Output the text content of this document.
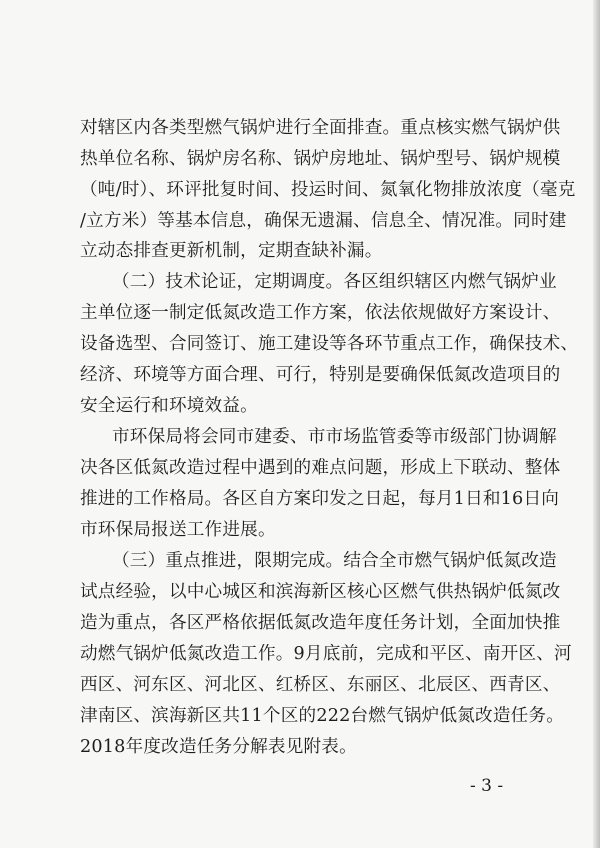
对辖区内各类型燃气锅炉进行全面排查。重点核实燃气锅炉供
热单位名称、锅炉房名称、锅炉房地址、锅炉型号、锅炉规模
（吨/时）、环评批复时间、投运时间、氮氧化物排放浓度（毫克
/立方米）等基本信息，确保无遗漏、信息全、情况准。同时建
立动态排查更新机制，定期查缺补漏。
（二）技术论证，定期调度。各区组织辖区内燃气锅炉业
主单位逐一制定低氮改造工作方案，依法依规做好方案设计、
设备选型、合同签订、施工建设等各环节重点工作，确保技术、
经济、环境等方面合理、可行，特别是要确保低氮改造项目的
安全运行和环境效益。
市环保局将会同市建委、市市场监管委等市级部门协调解
决各区低氮改造过程中遇到的难点问题，形成上下联动、整体
推进的工作格局。各区自方案印发之日起，每月1日和16日向
市环保局报送工作进展。
（三）重点推进，限期完成。结合全市燃气锅炉低氮改造
试点经验，以中心城区和滨海新区核心区燃气供热锅炉低氮改
造为重点，各区严格依据低氮改造年度任务计划，全面加快推
动燃气锅炉低氮改造工作。9月底前，完成和平区、南开区、河
西区、河东区、河北区、红桥区、东丽区、北辰区、西青区、
津南区、滨海新区共11个区的222台燃气锅炉低氮改造任务。
2018年度改造任务分解表见附表。
- 3 -
